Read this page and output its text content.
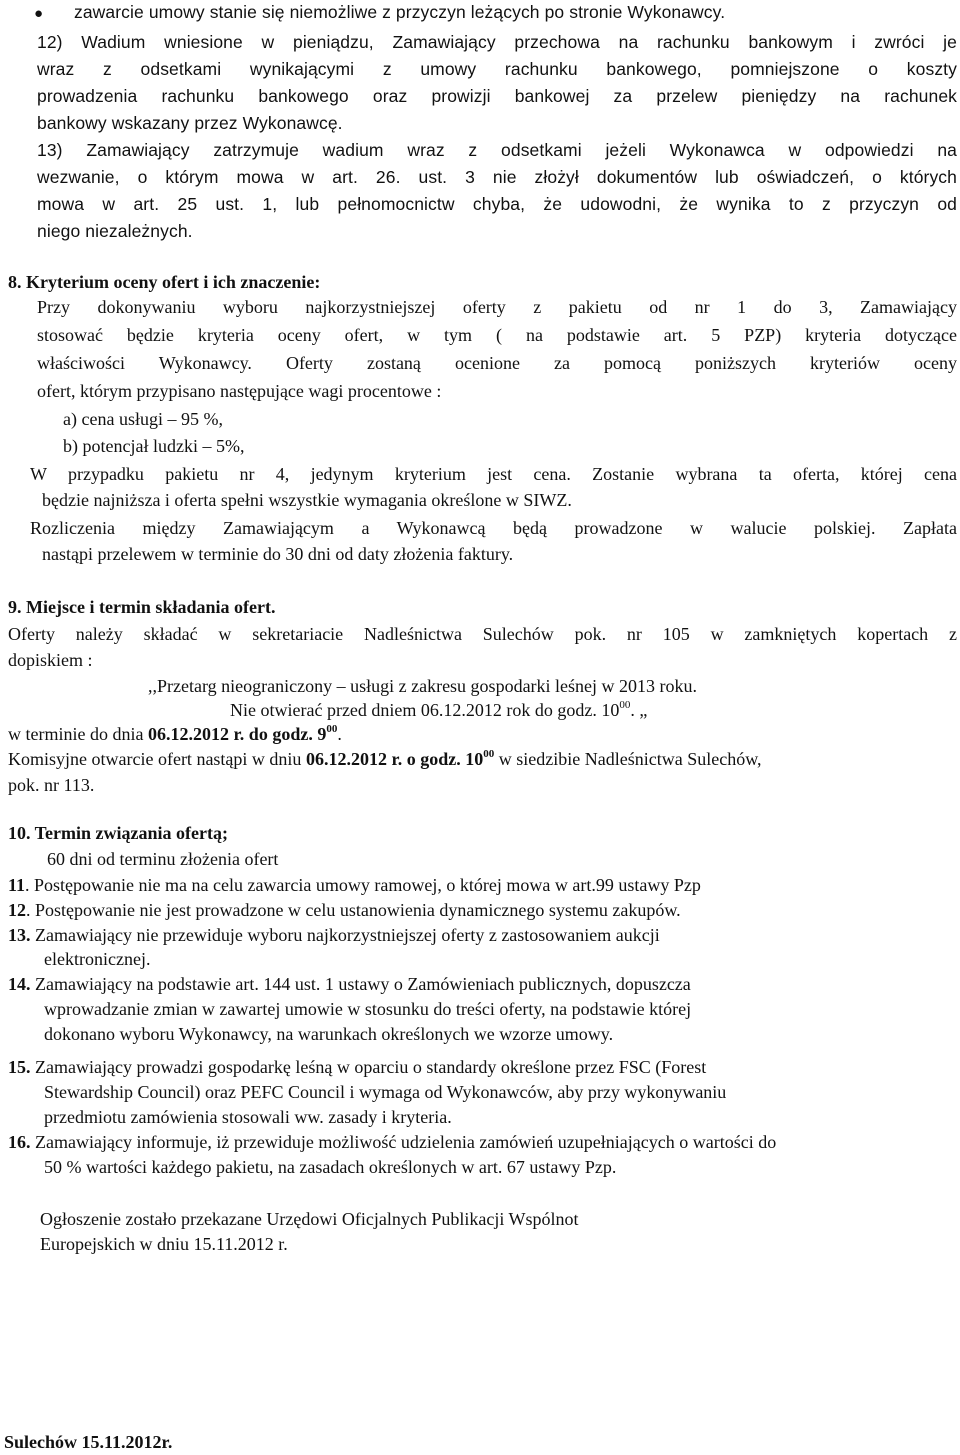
● zawarcie umowy stanie się niemożliwe z przyczyn leżących po stronie Wykonawcy.
12) Wadium wniesione w pieniądzu, Zamawiający przechowa na rachunku bankowym i zwróci je
wraz z odsetkami wynikającymi z umowy rachunku bankowego, pomniejszone o koszty
prowadzenia rachunku bankowego oraz prowizji bankowej za przelew pieniędzy na rachunek
bankowy wskazany przez Wykonawcę.
13) Zamawiający zatrzymuje wadium wraz z odsetkami jeżeli Wykonawca w odpowiedzi na
wezwanie, o którym mowa w art. 26. ust. 3 nie złożył dokumentów lub oświadczeń, o których
mowa w art. 25 ust. 1, lub pełnomocnictw chyba, że udowodni, że wynika to z przyczyn od
niego niezależnych.
8. Kryterium oceny ofert i ich znaczenie:
Przy dokonywaniu wyboru najkorzystniejszej oferty z pakietu od nr 1 do 3, Zamawiający
stosować będzie kryteria oceny ofert, w tym ( na podstawie art. 5 PZP) kryteria dotyczące
właściwości Wykonawcy. Oferty zostaną ocenione za pomocą poniższych kryteriów oceny
ofert, którym przypisano następujące wagi procentowe :
a) cena usługi – 95 %,
b) potencjał ludzki – 5%,
W przypadku pakietu nr 4, jedynym kryterium jest cena. Zostanie wybrana ta oferta, której cena
będzie najniższa i oferta spełni wszystkie wymagania określone w SIWZ.
Rozliczenia między Zamawiającym a Wykonawcą będą prowadzone w walucie polskiej. Zapłata
nastąpi przelewem w terminie do 30 dni od daty złożenia faktury.
9. Miejsce i termin składania ofert.
Oferty należy składać w sekretariacie Nadleśnictwa Sulechów pok. nr 105 w zamkniętych kopertach z
dopiskiem :
,,Przetarg nieograniczony – usługi z zakresu gospodarki leśnej w 2013 roku.
Nie otwierać przed dniem 06.12.2012 rok do godz. $10^{00}$. „
w terminie do dnia 06.12.2012 r. do godz. $9^{00}$.
Komisyjne otwarcie ofert nastąpi w dniu 06.12.2012 r. o godz. $10^{00}$ w siedzibie Nadleśnictwa Sulechów,
pok. nr 113.
10. Termin związania ofertą;
60 dni od terminu złożenia ofert
11. Postępowanie nie ma na celu zawarcia umowy ramowej, o której mowa w art.99 ustawy Pzp
12. Postępowanie nie jest prowadzone w celu ustanowienia dynamicznego systemu zakupów.
13. Zamawiający nie przewiduje wyboru najkorzystniejszej oferty z zastosowaniem aukcji
elektronicznej.
14. Zamawiający na podstawie art. 144 ust. 1 ustawy o Zamówieniach publicznych, dopuszcza
wprowadzanie zmian w zawartej umowie w stosunku do treści oferty, na podstawie której
dokonano wyboru Wykonawcy, na warunkach określonych we wzorze umowy.
15. Zamawiający prowadzi gospodarkę leśną w oparciu o standardy określone przez FSC (Forest
Stewardship Council) oraz PEFC Council i wymaga od Wykonawców, aby przy wykonywaniu
przedmiotu zamówienia stosowali ww. zasady i kryteria.
16. Zamawiający informuje, iż przewiduje możliwość udzielenia zamówień uzupełniających o wartości do
50 % wartości każdego pakietu, na zasadach określonych w art. 67 ustawy Pzp.
Ogłoszenie zostało przekazane Urzędowi Oficjalnych Publikacji Wspólnot
Europejskich w dniu 15.11.2012 r.
Sulechów 15.11.2012r.
